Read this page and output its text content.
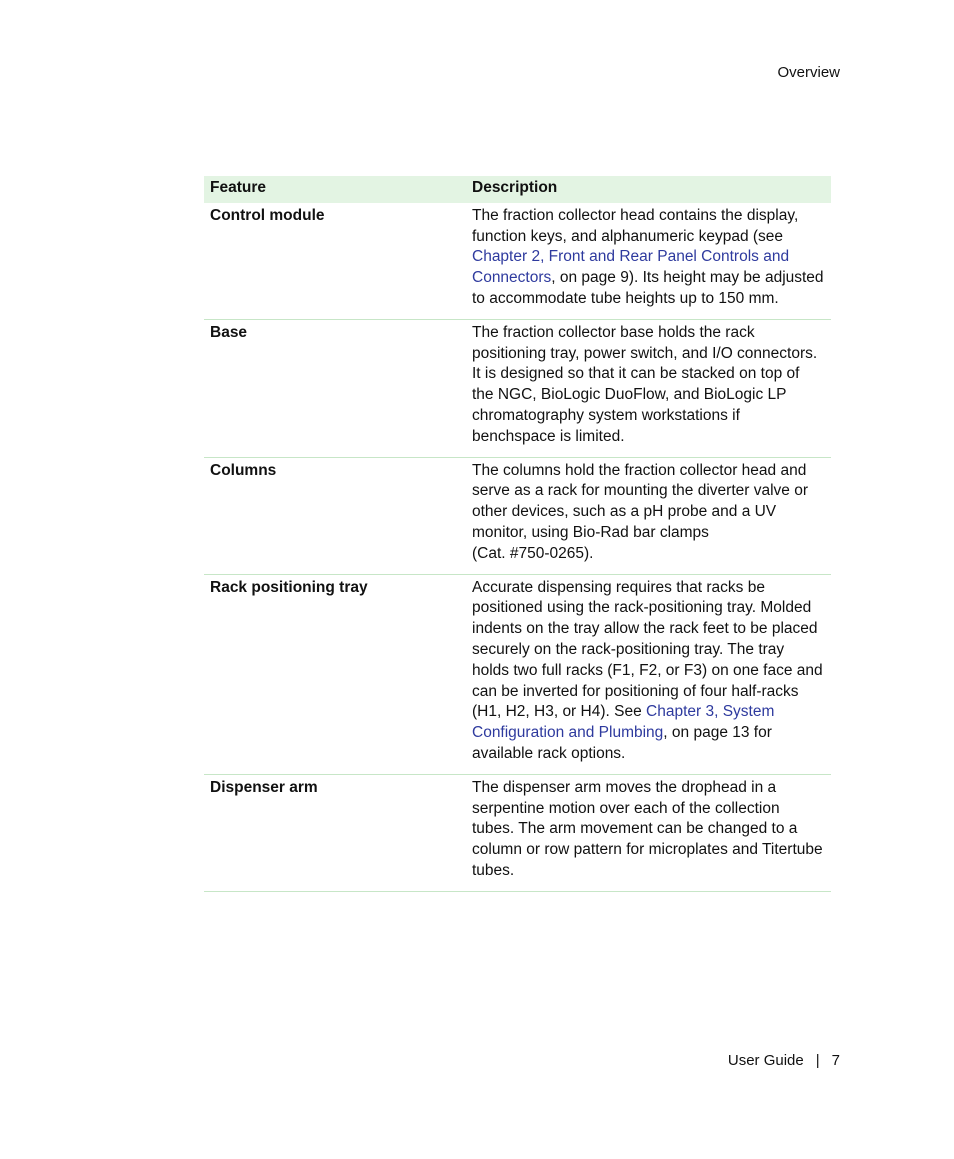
Overview
Feature	Description
Control module	The fraction collector head contains the display, function keys, and alphanumeric keypad (see Chapter 2, Front and Rear Panel Controls and Connectors, on page 9). Its height may be adjusted to accommodate tube heights up to 150 mm.
Base	The fraction collector base holds the rack positioning tray, power switch, and I/O connectors. It is designed so that it can be stacked on top of the NGC, BioLogic DuoFlow, and BioLogic LP chromatography system workstations if benchspace is limited.
Columns	The columns hold the fraction collector head and serve as a rack for mounting the diverter valve or other devices, such as a pH probe and a UV monitor, using Bio-Rad bar clamps
(Cat. #750-0265).
Rack positioning tray	Accurate dispensing requires that racks be positioned using the rack-positioning tray. Molded indents on the tray allow the rack feet to be placed securely on the rack-positioning tray. The tray holds two full racks (F1, F2, or F3) on one face and can be inverted for positioning of four half-racks (H1, H2, H3, or H4). See Chapter 3, System Configuration and Plumbing, on page 13 for available rack options.
Dispenser arm	The dispenser arm moves the drophead in a serpentine motion over each of the collection tubes. The arm movement can be changed to a column or row pattern for microplates and Titertube tubes.
User Guide | 7
